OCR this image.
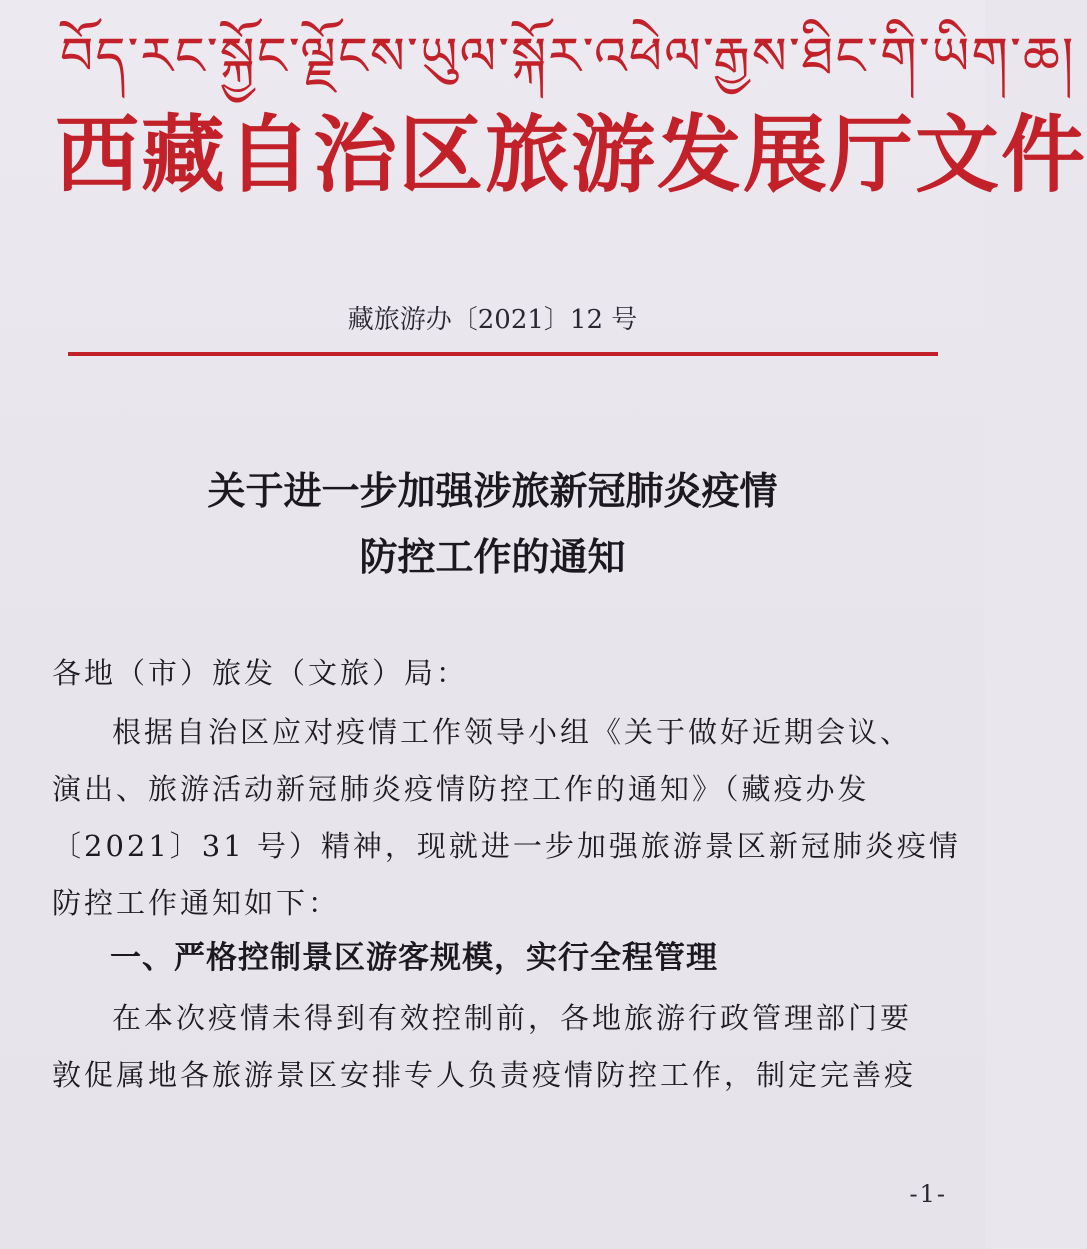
བོད་རང་སྐྱོང་ལྗོངས་ཡུལ་སྐོར་འཕེལ་རྒྱས་ཐིང་གི་ཡིག་ཆ།
西藏自治区旅游发展厅文件
藏旅游办〔2021〕12 号
关于进一步加强涉旅新冠肺炎疫情
防控工作的通知
各地（市）旅发（文旅）局：
根据自治区应对疫情工作领导小组《关于做好近期会议、
演出、旅游活动新冠肺炎疫情防控工作的通知》（藏疫办发
〔2021〕31 号）精神，现就进一步加强旅游景区新冠肺炎疫情
防控工作通知如下：
一、严格控制景区游客规模，实行全程管理
在本次疫情未得到有效控制前，各地旅游行政管理部门要
敦促属地各旅游景区安排专人负责疫情防控工作，制定完善疫
-1-
